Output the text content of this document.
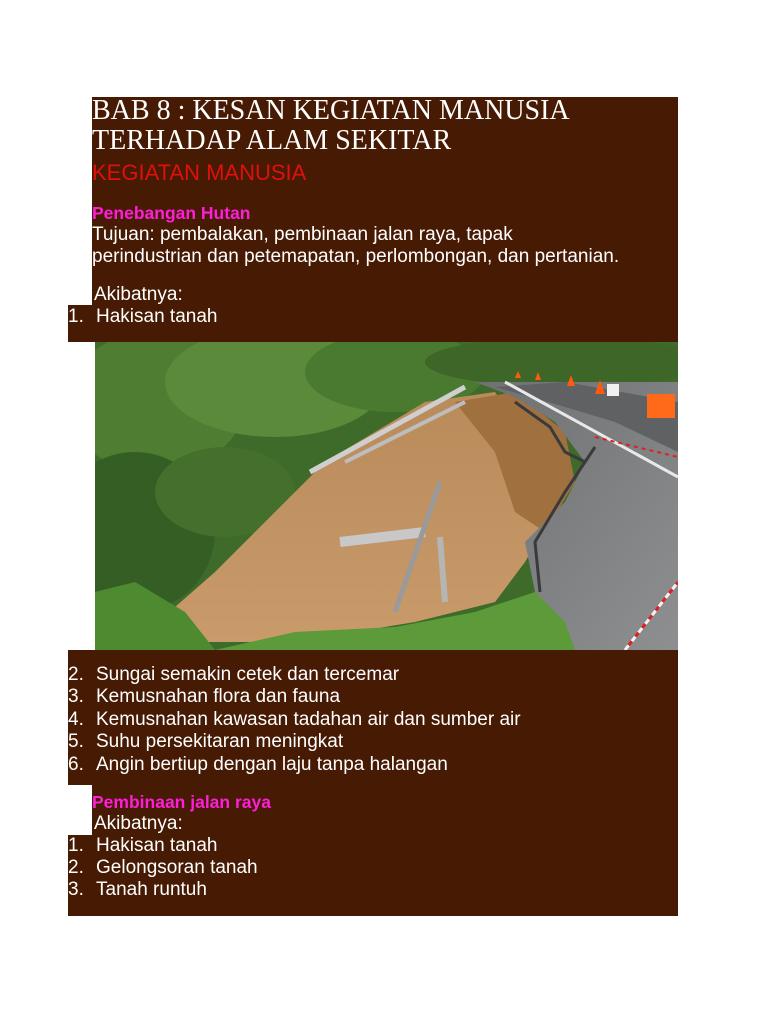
BAB 8 : KESAN KEGIATAN MANUSIA
TERHADAP ALAM SEKITAR
KEGIATAN MANUSIA
Penebangan Hutan
Tujuan: pembalakan, pembinaan jalan raya, tapak
perindustrian dan petemapatan, perlombongan, dan pertanian.
Akibatnya:
1. Hakisan tanah
2. Sungai semakin cetek dan tercemar
3. Kemusnahan flora dan fauna
4. Kemusnahan kawasan tadahan air dan sumber air
5. Suhu persekitaran meningkat
6. Angin bertiup dengan laju tanpa halangan
Pembinaan jalan raya
Akibatnya:
1. Hakisan tanah
2. Gelongsoran tanah
3. Tanah runtuh
